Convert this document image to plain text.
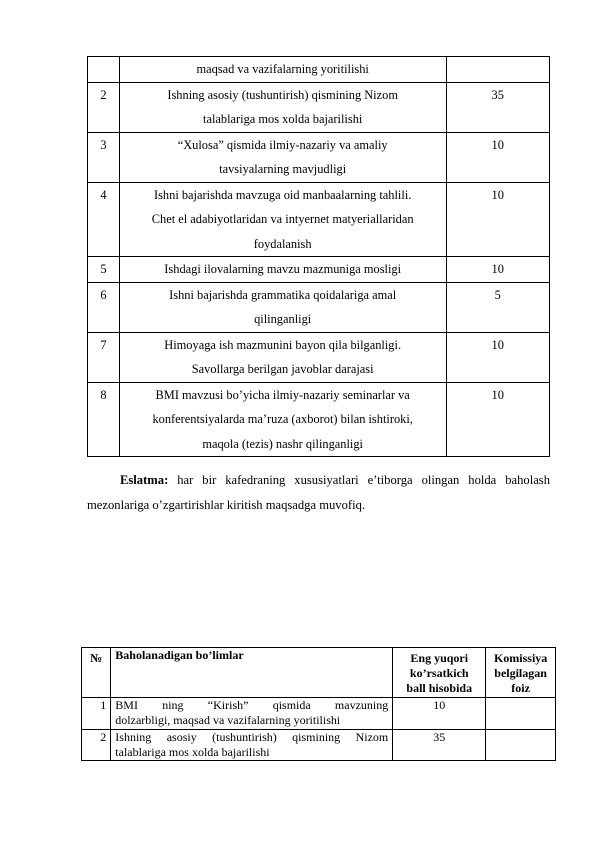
	maqsad va vazifalarning yoritilishi	
2	Ishning asosiy (tushuntirish) qismining Nizom
talablariga mos xolda bajarilishi	35
3	“Xulosa” qismida ilmiy-nazariy va amaliy
tavsiyalarning mavjudligi	10
4	Ishni bajarishda mavzuga oid manbaalarning tahlili.
Chet el adabiyotlaridan va intyernet matyeriallaridan
foydalanish	10
5	Ishdagi ilovalarning mavzu mazmuniga mosligi	10
6	Ishni bajarishda grammatika qoidalariga amal
qilinganligi	5
7	Himoyaga ish mazmunini bayon qila bilganligi.
Savollarga berilgan javoblar darajasi	10
8	BMI mavzusi bo’yicha ilmiy-nazariy seminarlar va
konferentsiyalarda ma’ruza (axborot) bilan ishtiroki,
maqola (tezis) nashr qilinganligi	10
Eslatma: har bir kafedraning xususiyatlari e’tiborga olingan holda baholash mezonlariga o’zgartirishlar kiritish maqsadga muvofiq.
№	Baholanadigan bo’limlar	Eng yuqori
ko’rsatkich
ball hisobida	Komissiya
belgilagan
foiz
1	BMI ning “Kirish” qismida mavzuning
dolzarbligi, maqsad va vazifalarning yoritilishi	10	
2	Ishning asosiy (tushuntirish) qismining Nizom
talablariga mos xolda bajarilishi	35	
